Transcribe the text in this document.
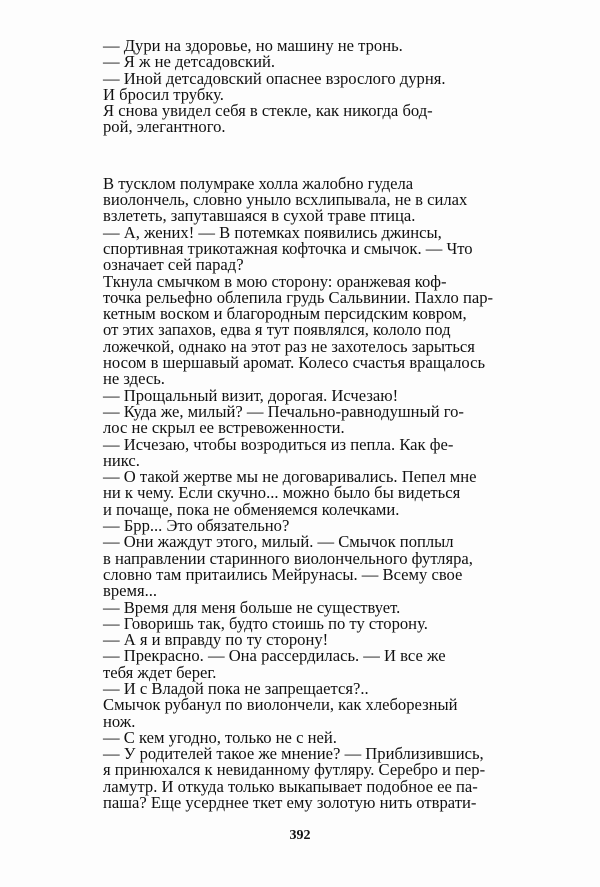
— Дури на здоровье, но машину не тронь.

— Я ж не детсадовский.

— Иной детсадовский опаснее взрослого дурня.
И бросил трубку.

Я снова увидел себя в стекле, как никогда бод-
рой, элегантного.

В тусклом полумраке холла жалобно гудела
виолончель, словно уныло всхлипывала, не в силах
взлететь, запутавшаяся в сухой траве птица.

— А, жених! — В потемках появились джинсы,
спортивная трикотажная кофточка и смычок. — Что
означает сей парад?

Ткнула смычком в мою сторону: оранжевая коф-
точка рельефно облепила грудь Сальвинии. Пахло пар-
кетным воском и благородным персидским ковром,
от этих запахов, едва я тут появлялся, кололо под
ложечкой, однако на этот раз не захотелось зарыться
носом в шершавый аромат. Колесо счастья вращалось
не здесь.

— Прощальный визит, дорогая. Исчезаю!

— Куда же, милый? — Печально-равнодушный го-
лос не скрыл ее встревоженности.

— Исчезаю, чтобы возродиться из пепла. Как фе-
никс.

— О такой жертве мы не договаривались. Пепел мне
ни к чему. Если скучно... можно было бы видеться
и почаще, пока не обменяемся колечками.

— Брр... Это обязательно?

— Они жаждут этого, милый. — Смычок поплыл
в направлении старинного виолончельного футляра,
словно там притаились Мейрунасы. — Всему свое
время...

— Время для меня больше не существует.

— Говоришь так, будто стоишь по ту сторону.

— А я и вправду по ту сторону!

— Прекрасно. — Она рассердилась. — И все же
тебя ждет берег.

— И с Владой пока не запрещается?..

Смычок рубанул по виолончели, как хлеборезный
нож.

— С кем угодно, только не с ней.

— У родителей такое же мнение? — Приблизившись,
я принюхался к невиданному футляру. Серебро и пер-
ламутр. И откуда только выкапывает подобное ее па-
паша? Еще усерднее ткет ему золотую нить отврати-

392
